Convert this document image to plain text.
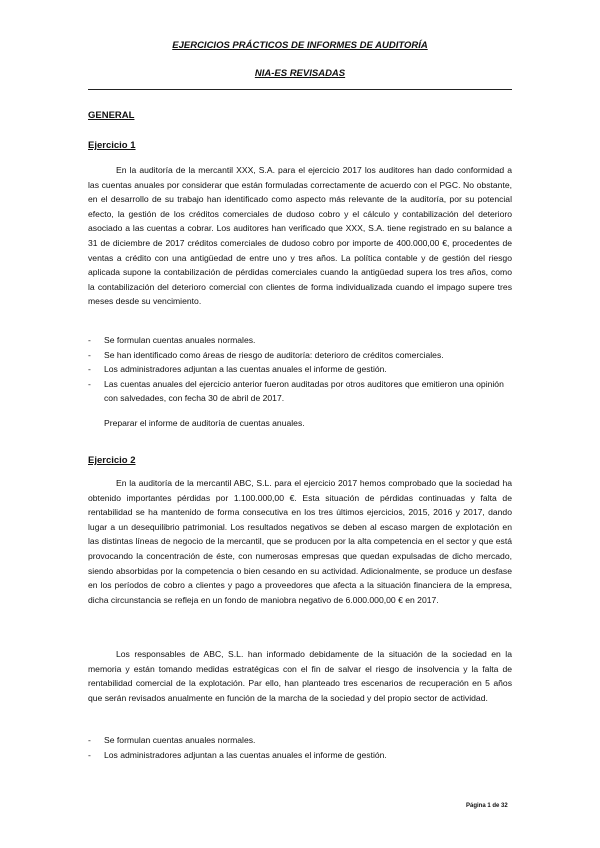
EJERCICIOS PRÁCTICOS DE INFORMES DE AUDITORÍA
NIA-ES REVISADAS
GENERAL
Ejercicio 1

En la auditoría de la mercantil XXX, S.A. para el ejercicio 2017 los auditores han dado conformidad a las cuentas anuales por considerar que están formuladas correctamente de acuerdo con el PGC. No obstante, en el desarrollo de su trabajo han identificado como aspecto más relevante de la auditoría, por su potencial efecto, la gestión de los créditos comerciales de dudoso cobro y el cálculo y contabilización del deterioro asociado a las cuentas a cobrar. Los auditores han verificado que XXX, S.A. tiene registrado en su balance a 31 de diciembre de 2017 créditos comerciales de dudoso cobro por importe de 400.000,00 €, procedentes de ventas a crédito con una antigüedad de entre uno y tres años. La política contable y de gestión del riesgo aplicada supone la contabilización de pérdidas comerciales cuando la antigüedad supera los tres años, como la contabilización del deterioro comercial con clientes de forma individualizada cuando el impago supere tres meses desde su vencimiento.

- Se formulan cuentas anuales normales.
- Se han identificado como áreas de riesgo de auditoría: deterioro de créditos comerciales.
- Los administradores adjuntan a las cuentas anuales el informe de gestión.
- Las cuentas anuales del ejercicio anterior fueron auditadas por otros auditores que emitieron una opinión con salvedades, con fecha 30 de abril de 2017.
Preparar el informe de auditoría de cuentas anuales.
Ejercicio 2

En la auditoría de la mercantil ABC, S.L. para el ejercicio 2017 hemos comprobado que la sociedad ha obtenido importantes pérdidas por 1.100.000,00 €. Esta situación de pérdidas continuadas y falta de rentabilidad se ha mantenido de forma consecutiva en los tres últimos ejercicios, 2015, 2016 y 2017, dando lugar a un desequilibrio patrimonial. Los resultados negativos se deben al escaso margen de explotación en las distintas líneas de negocio de la mercantil, que se producen por la alta competencia en el sector y que está provocando la concentración de éste, con numerosas empresas que quedan expulsadas de dicho mercado, siendo absorbidas por la competencia o bien cesando en su actividad. Adicionalmente, se produce un desfase en los períodos de cobro a clientes y pago a proveedores que afecta a la situación financiera de la empresa, dicha circunstancia se refleja en un fondo de maniobra negativo de 6.000.000,00 € en 2017.

Los responsables de ABC, S.L. han informado debidamente de la situación de la sociedad en la memoria y están tomando medidas estratégicas con el fin de salvar el riesgo de insolvencia y la falta de rentabilidad comercial de la explotación. Par ello, han planteado tres escenarios de recuperación en 5 años que serán revisados anualmente en función de la marcha de la sociedad y del propio sector de actividad.

- Se formulan cuentas anuales normales.
- Los administradores adjuntan a las cuentas anuales el informe de gestión.
Página 1 de 32
